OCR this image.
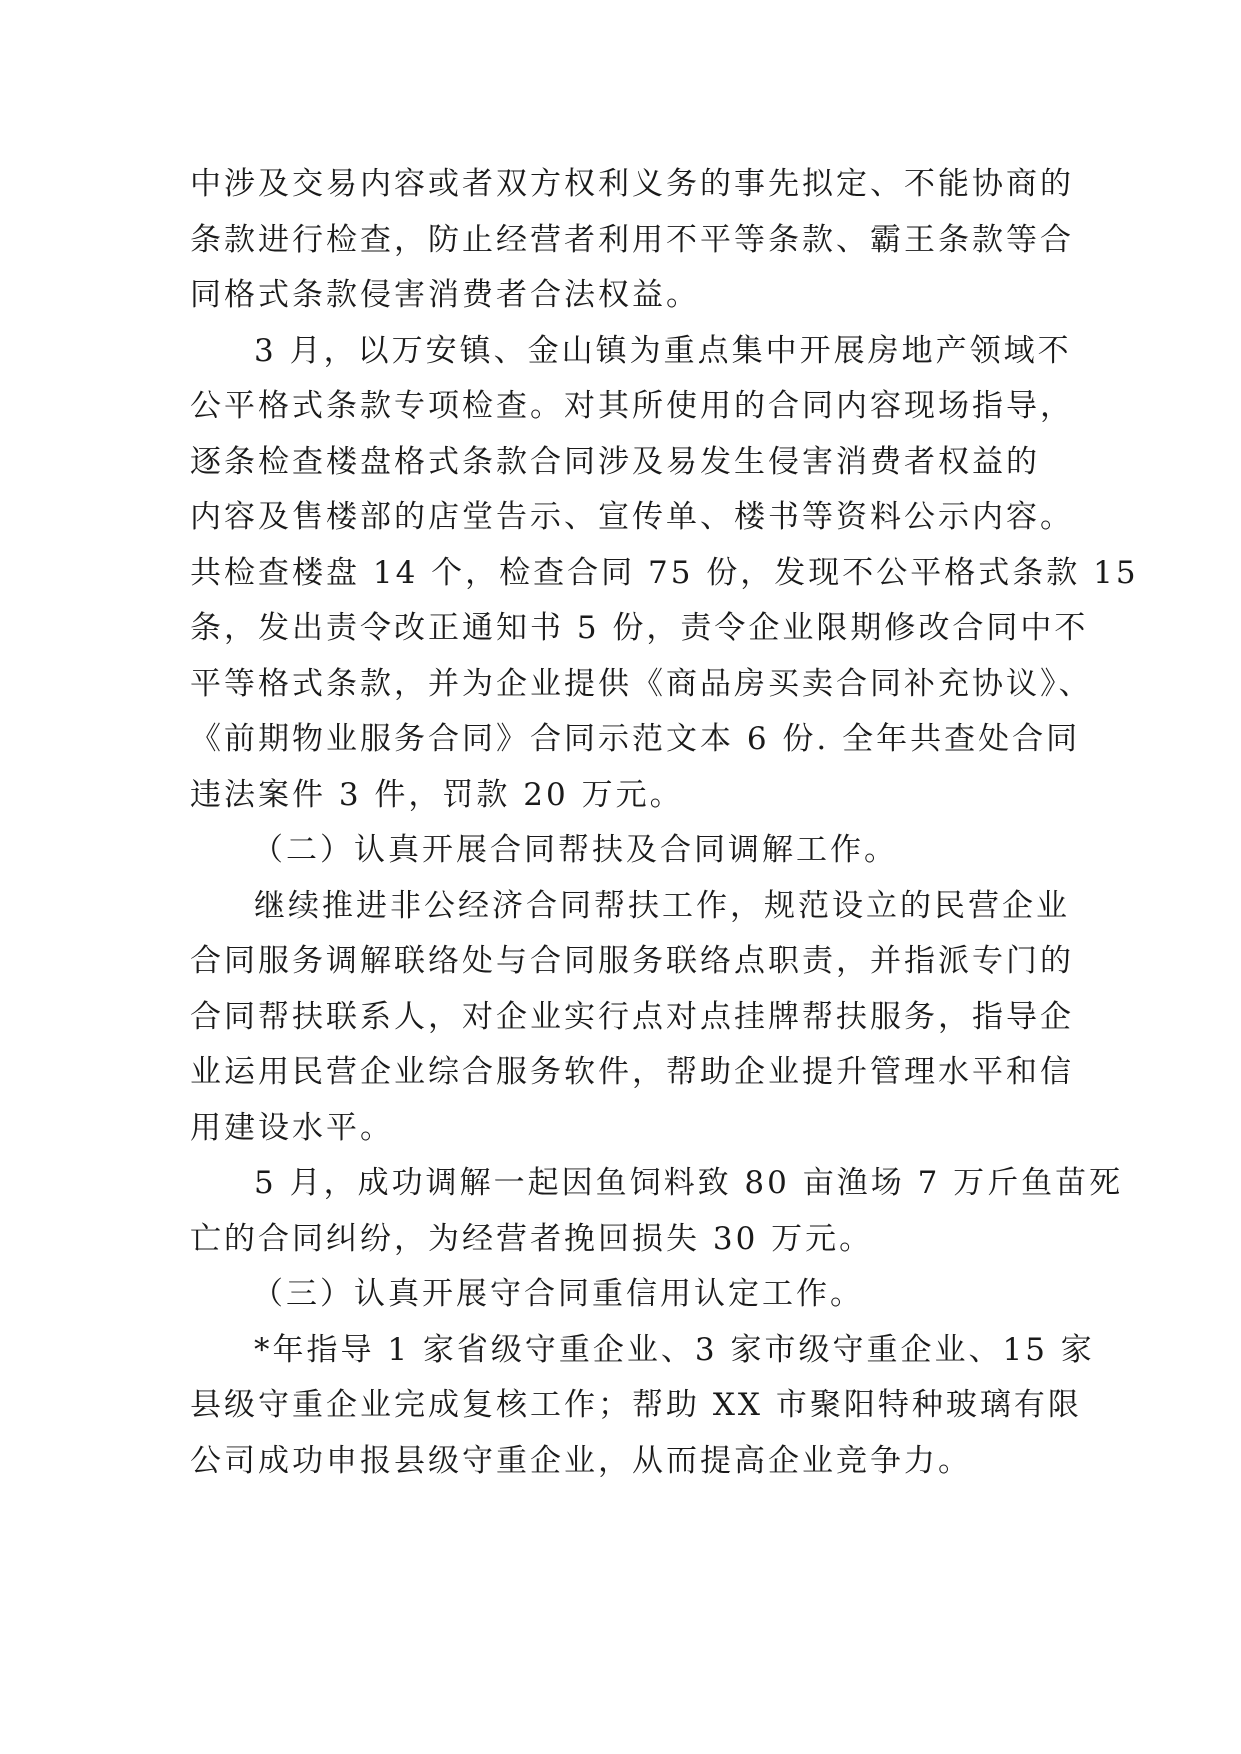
中涉及交易内容或者双方权利义务的事先拟定、不能协商的
条款进行检查，防止经营者利用不平等条款、霸王条款等合
同格式条款侵害消费者合法权益。
3 月，以万安镇、金山镇为重点集中开展房地产领域不
公平格式条款专项检查。对其所使用的合同内容现场指导，
逐条检查楼盘格式条款合同涉及易发生侵害消费者权益的
内容及售楼部的店堂告示、宣传单、楼书等资料公示内容。
共检查楼盘 14 个，检查合同 75 份，发现不公平格式条款 15
条，发出责令改正通知书 5 份，责令企业限期修改合同中不
平等格式条款，并为企业提供《商品房买卖合同补充协议》、
《前期物业服务合同》合同示范文本 6 份. 全年共查处合同
违法案件 3 件，罚款 20 万元。
（二）认真开展合同帮扶及合同调解工作。
继续推进非公经济合同帮扶工作，规范设立的民营企业
合同服务调解联络处与合同服务联络点职责，并指派专门的
合同帮扶联系人，对企业实行点对点挂牌帮扶服务，指导企
业运用民营企业综合服务软件，帮助企业提升管理水平和信
用建设水平。
5 月，成功调解一起因鱼饲料致 80 亩渔场 7 万斤鱼苗死
亡的合同纠纷，为经营者挽回损失 30 万元。
（三）认真开展守合同重信用认定工作。
*年指导 1 家省级守重企业、3 家市级守重企业、15 家
县级守重企业完成复核工作；帮助 XX 市聚阳特种玻璃有限
公司成功申报县级守重企业，从而提高企业竞争力。
